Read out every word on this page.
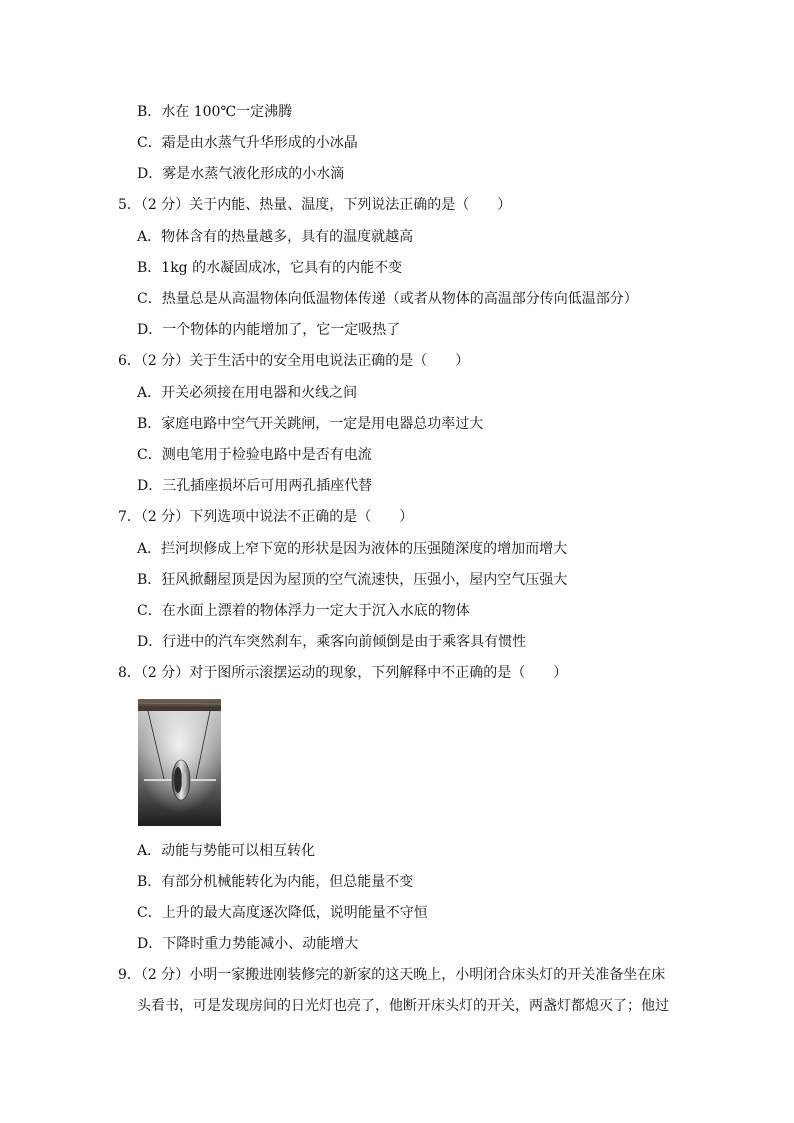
B．水在 100℃一定沸腾
C．霜是由水蒸气升华形成的小冰晶
D．雾是水蒸气液化形成的小水滴
5．（2 分）关于内能、热量、温度，下列说法正确的是（　　）
A．物体含有的热量越多，具有的温度就越高
B．1kg 的水凝固成冰，它具有的内能不变
C．热量总是从高温物体向低温物体传递（或者从物体的高温部分传向低温部分）
D．一个物体的内能增加了，它一定吸热了
6．（2 分）关于生活中的安全用电说法正确的是（　　）
A．开关必须接在用电器和火线之间
B．家庭电路中空气开关跳闸，一定是用电器总功率过大
C．测电笔用于检验电路中是否有电流
D．三孔插座损坏后可用两孔插座代替
7．（2 分）下列选项中说法不正确的是（　　）
A．拦河坝修成上窄下宽的形状是因为液体的压强随深度的增加而增大
B．狂风掀翻屋顶是因为屋顶的空气流速快，压强小，屋内空气压强大
C．在水面上漂着的物体浮力一定大于沉入水底的物体
D．行进中的汽车突然刹车，乘客向前倾倒是由于乘客具有惯性
8．（2 分）对于图所示滚摆运动的现象，下列解释中不正确的是（　　）
A．动能与势能可以相互转化
B．有部分机械能转化为内能，但总能量不变
C．上升的最大高度逐次降低，说明能量不守恒
D．下降时重力势能减小、动能增大
9．（2 分）小明一家搬进刚装修完的新家的这天晚上，小明闭合床头灯的开关准备坐在床
头看书，可是发现房间的日光灯也亮了，他断开床头灯的开关，两盏灯都熄灭了；他过
